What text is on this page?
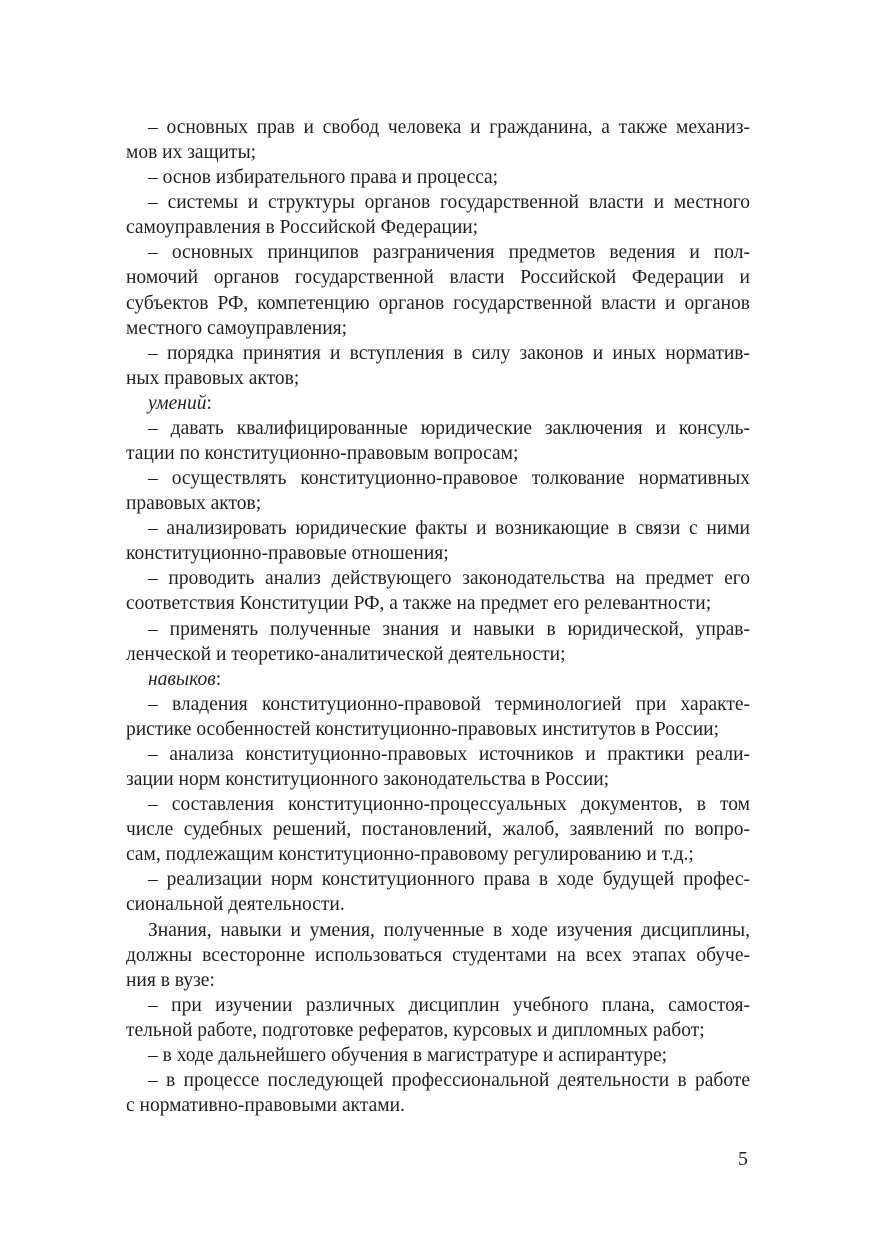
– основных прав и свобод человека и гражданина, а также механиз-
мов их защиты;
– основ избирательного права и процесса;
– системы и структуры органов государственной власти и местного
самоуправления в Российской Федерации;
– основных принципов разграничения предметов ведения и пол-
номочий органов государственной власти Российской Федерации и
субъектов РФ, компетенцию органов государственной власти и органов
местного самоуправления;
– порядка принятия и вступления в силу законов и иных норматив-
ных правовых актов;
умений:
– давать квалифицированные юридические заключения и консуль-
тации по конституционно-правовым вопросам;
– осуществлять конституционно-правовое толкование нормативных
правовых актов;
– анализировать юридические факты и возникающие в связи с ними
конституционно-правовые отношения;
– проводить анализ действующего законодательства на предмет его
соответствия Конституции РФ, а также на предмет его релевантности;
– применять полученные знания и навыки в юридической, управ-
ленческой и теоретико-аналитической деятельности;
навыков:
– владения конституционно-правовой терминологией при характе-
ристике особенностей конституционно-правовых институтов в России;
– анализа конституционно-правовых источников и практики реали-
зации норм конституционного законодательства в России;
– составления конституционно-процессуальных документов, в том
числе судебных решений, постановлений, жалоб, заявлений по вопро-
сам, подлежащим конституционно-правовому регулированию и т.д.;
– реализации норм конституционного права в ходе будущей профес-
сиональной деятельности.
Знания, навыки и умения, полученные в ходе изучения дисциплины,
должны всесторонне использоваться студентами на всех этапах обуче-
ния в вузе:
– при изучении различных дисциплин учебного плана, самостоя-
тельной работе, подготовке рефератов, курсовых и дипломных работ;
– в ходе дальнейшего обучения в магистратуре и аспирантуре;
– в процессе последующей профессиональной деятельности в работе
с нормативно-правовыми актами.
5
